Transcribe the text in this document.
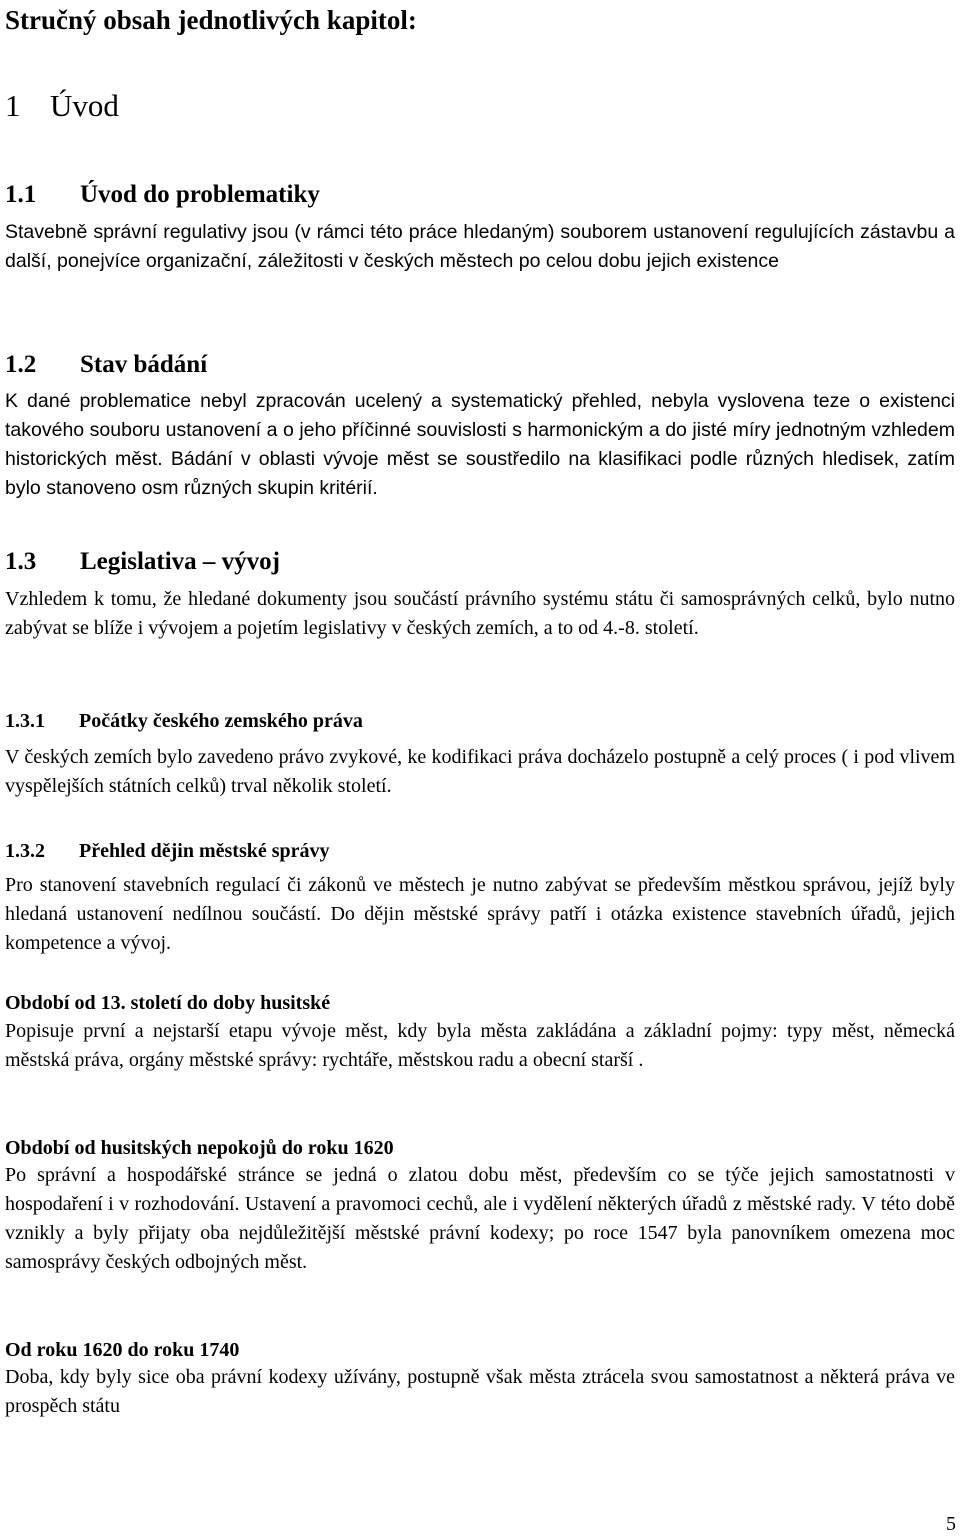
Stručný obsah jednotlivých kapitol:
1 Úvod
1.1 Úvod do problematiky

Stavebně správní regulativy jsou (v rámci této práce hledaným) souborem ustanovení regulujících zástavbu a další, ponejvíce organizační, záležitosti v českých městech po celou dobu jejich existence

1.2 Stav bádání

K dané problematice nebyl zpracován ucelený a systematický přehled, nebyla vyslovena teze o existenci takového souboru ustanovení a o jeho příčinné souvislosti s harmonickým a do jisté míry jednotným vzhledem historických měst. Bádání v oblasti vývoje měst se soustředilo na klasifikaci podle různých hledisek, zatím bylo stanoveno osm různých skupin kritérií.

1.3 Legislativa – vývoj

Vzhledem k tomu, že hledané dokumenty jsou součástí právního systému státu či samosprávných celků, bylo nutno zabývat se blíže i vývojem a pojetím legislativy v českých zemích, a to od 4.-8. století.

1.3.1 Počátky českého zemského práva

V českých zemích bylo zavedeno právo zvykové, ke kodifikaci práva docházelo postupně a celý proces ( i pod vlivem vyspělejších státních celků) trval několik století.

1.3.2 Přehled dějin městské správy

Pro stanovení stavebních regulací či zákonů ve městech je nutno zabývat se především městkou správou, jejíž byly hledaná ustanovení nedílnou součástí. Do dějin městské správy patří i otázka existence stavebních úřadů, jejich kompetence a vývoj.

Období od 13. století do doby husitské

Popisuje první a nejstarší etapu vývoje měst, kdy byla města zakládána a základní pojmy: typy měst, německá městská práva, orgány městské správy: rychtáře, městskou radu a obecní starší .

Období od husitských nepokojů do roku 1620

Po správní a hospodářské stránce se jedná o zlatou dobu měst, především co se týče jejich samostatnosti v hospodaření i v rozhodování. Ustavení a pravomoci cechů, ale i vydělení některých úřadů z městské rady. V této době vznikly a byly přijaty oba nejdůležitější městské právní kodexy; po roce 1547 byla panovníkem omezena moc samosprávy českých odbojných měst.

Od roku 1620 do roku 1740

Doba, kdy byly sice oba právní kodexy užívány, postupně však města ztrácela svou samostatnost a některá práva ve prospěch státu

5
